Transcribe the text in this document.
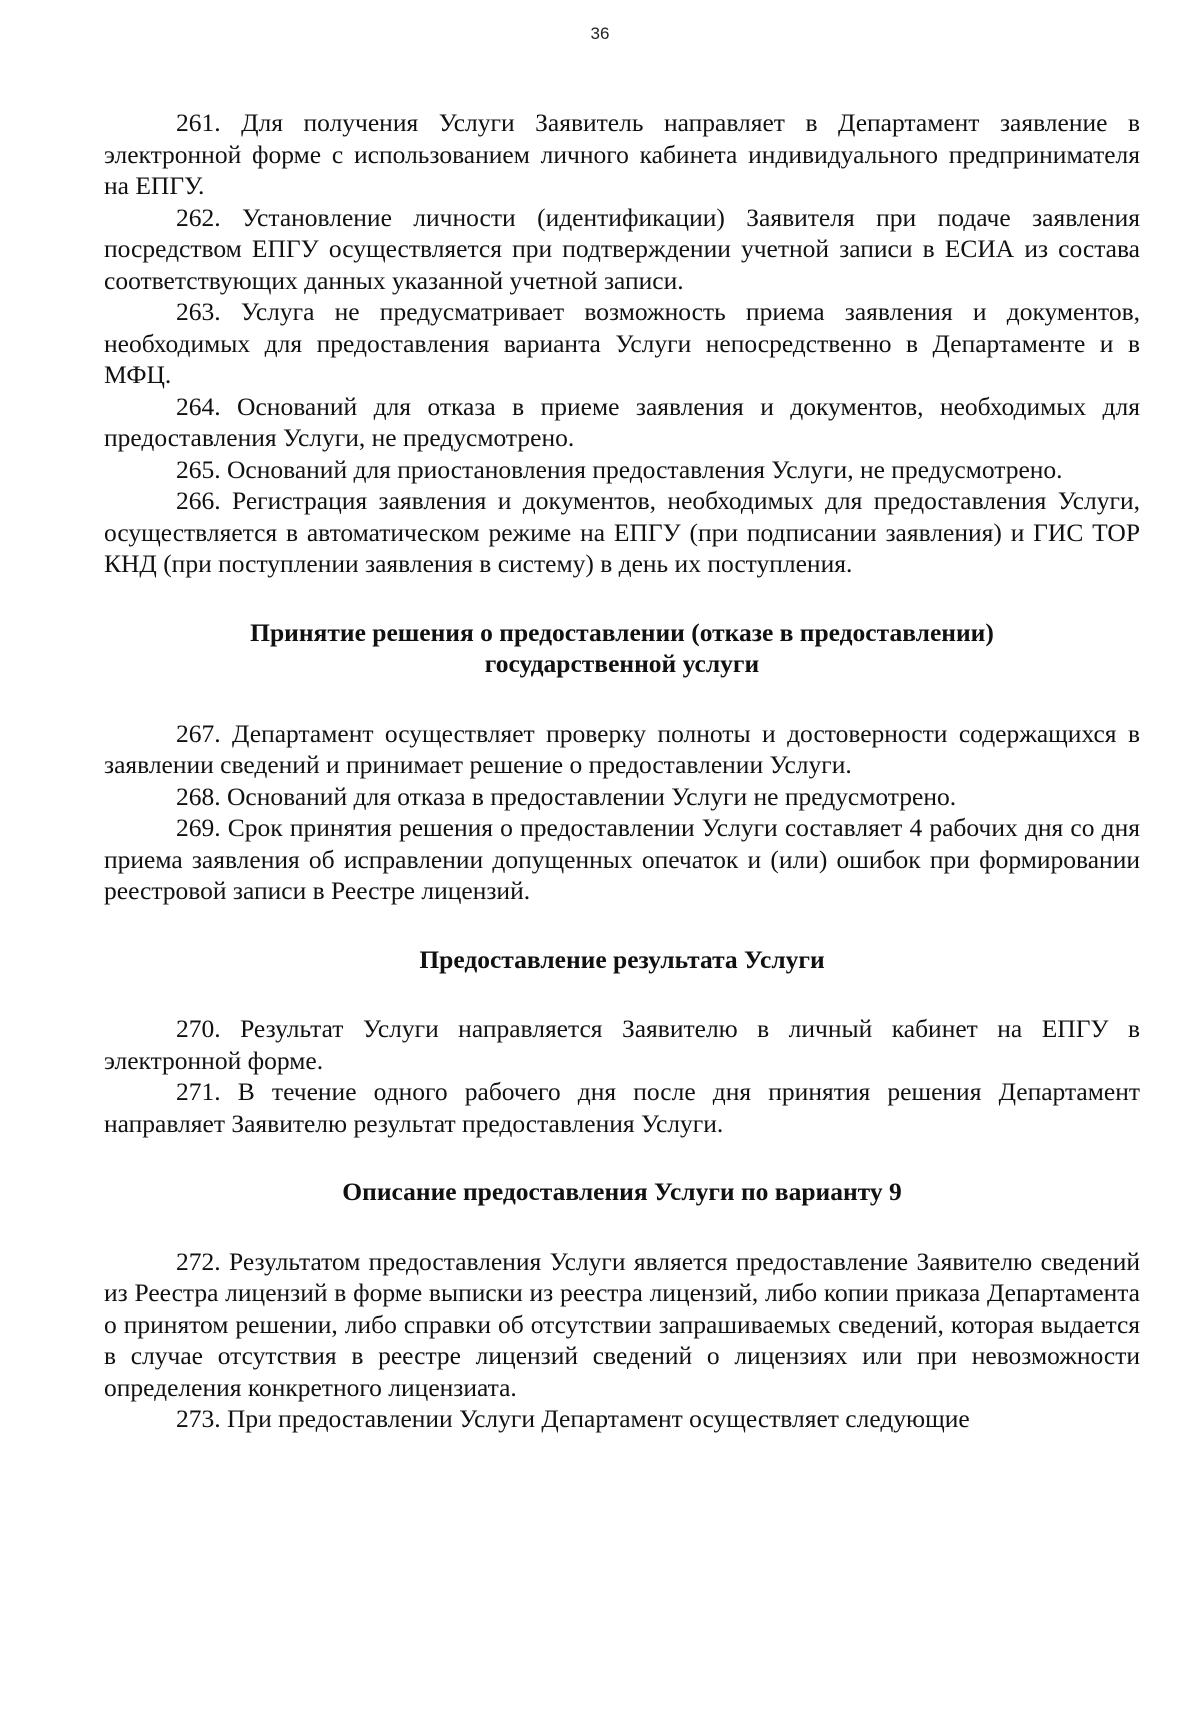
36

261. Для получения Услуги Заявитель направляет в Департамент заявление в электронной форме с использованием личного кабинета индивидуального предпринимателя на ЕПГУ.

262. Установление личности (идентификации) Заявителя при подаче заявления посредством ЕПГУ осуществляется при подтверждении учетной записи в ЕСИА из состава соответствующих данных указанной учетной записи.

263. Услуга не предусматривает возможность приема заявления и документов, необходимых для предоставления варианта Услуги непосредственно в Департаменте и в МФЦ.

264. Оснований для отказа в приеме заявления и документов, необходимых для предоставления Услуги, не предусмотрено.

265. Оснований для приостановления предоставления Услуги, не предусмотрено.

266. Регистрация заявления и документов, необходимых для предоставления Услуги, осуществляется в автоматическом режиме на ЕПГУ (при подписании заявления) и ГИС ТОР КНД (при поступлении заявления в систему) в день их поступления.

Принятие решения о предоставлении (отказе в предоставлении)
государственной услуги

267. Департамент осуществляет проверку полноты и достоверности содержащихся в заявлении сведений и принимает решение о предоставлении Услуги.

268. Оснований для отказа в предоставлении Услуги не предусмотрено.

269. Срок принятия решения о предоставлении Услуги составляет 4 рабочих дня со дня приема заявления об исправлении допущенных опечаток и (или) ошибок при формировании реестровой записи в Реестре лицензий.

Предоставление результата Услуги

270. Результат Услуги направляется Заявителю в личный кабинет на ЕПГУ в электронной форме.

271. В течение одного рабочего дня после дня принятия решения Департамент направляет Заявителю результат предоставления Услуги.

Описание предоставления Услуги по варианту 9

272. Результатом предоставления Услуги является предоставление Заявителю сведений из Реестра лицензий в форме выписки из реестра лицензий, либо копии приказа Департамента о принятом решении, либо справки об отсутствии запрашиваемых сведений, которая выдается в случае отсутствия в реестре лицензий сведений о лицензиях или при невозможности определения конкретного лицензиата.

273. При предоставлении Услуги Департамент осуществляет следующие
